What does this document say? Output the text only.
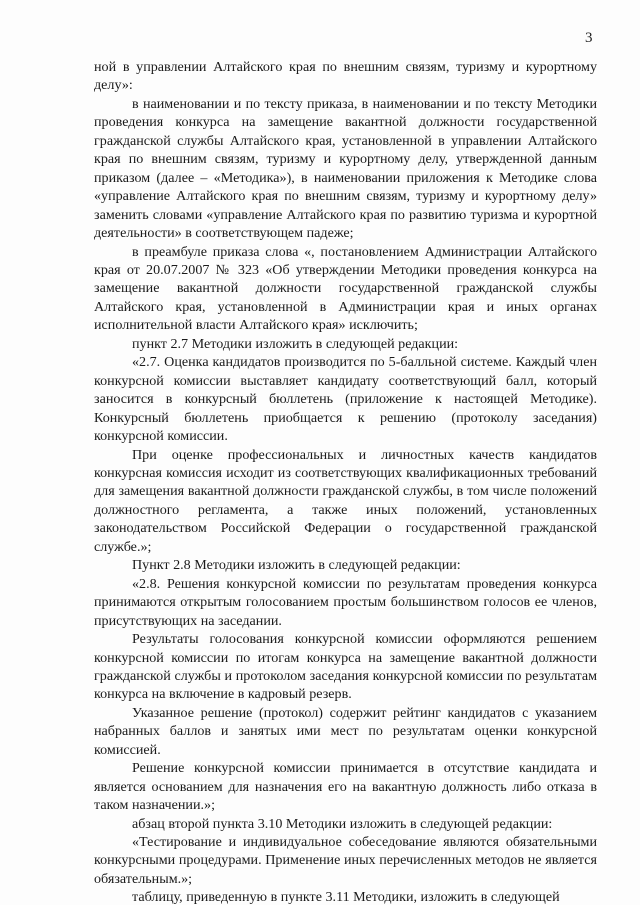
3

ной в управлении Алтайского края по внешним связям, туризму и курортному делу»:

в наименовании и по тексту приказа, в наименовании и по тексту Методики проведения конкурса на замещение вакантной должности государственной гражданской службы Алтайского края, установленной в управлении Алтайского края по внешним связям, туризму и курортному делу, утвержденной данным приказом (далее – «Методика»), в наименовании приложения к Методике слова «управление Алтайского края по внешним связям, туризму и курортному делу» заменить словами «управление Алтайского края по развитию туризма и курортной деятельности» в соответствующем падеже;

в преамбуле приказа слова «, постановлением Администрации Алтайского края от 20.07.2007 № 323 «Об утверждении Методики проведения конкурса на замещение вакантной должности государственной гражданской службы Алтайского края, установленной в Администрации края и иных органах исполнительной власти Алтайского края» исключить;

пункт 2.7 Методики изложить в следующей редакции:

«2.7. Оценка кандидатов производится по 5-балльной системе. Каждый член конкурсной комиссии выставляет кандидату соответствующий балл, который заносится в конкурсный бюллетень (приложение к настоящей Методике). Конкурсный бюллетень приобщается к решению (протоколу заседания) конкурсной комиссии.

При оценке профессиональных и личностных качеств кандидатов конкурсная комиссия исходит из соответствующих квалификационных требований для замещения вакантной должности гражданской службы, в том числе положений должностного регламента, а также иных положений, установленных законодательством Российской Федерации о государственной гражданской службе.»;

Пункт 2.8 Методики изложить в следующей редакции:

«2.8. Решения конкурсной комиссии по результатам проведения конкурса принимаются открытым голосованием простым большинством голосов ее членов, присутствующих на заседании.

Результаты голосования конкурсной комиссии оформляются решением конкурсной комиссии по итогам конкурса на замещение вакантной должности гражданской службы и протоколом заседания конкурсной комиссии по результатам конкурса на включение в кадровый резерв.

Указанное решение (протокол) содержит рейтинг кандидатов с указанием набранных баллов и занятых ими мест по результатам оценки конкурсной комиссией.

Решение конкурсной комиссии принимается в отсутствие кандидата и является основанием для назначения его на вакантную должность либо отказа в таком назначении.»;

абзац второй пункта 3.10 Методики изложить в следующей редакции:

«Тестирование и индивидуальное собеседование являются обязательными конкурсными процедурами. Применение иных перечисленных методов не является обязательным.»;

таблицу, приведенную в пункте 3.11 Методики, изложить в следующей
